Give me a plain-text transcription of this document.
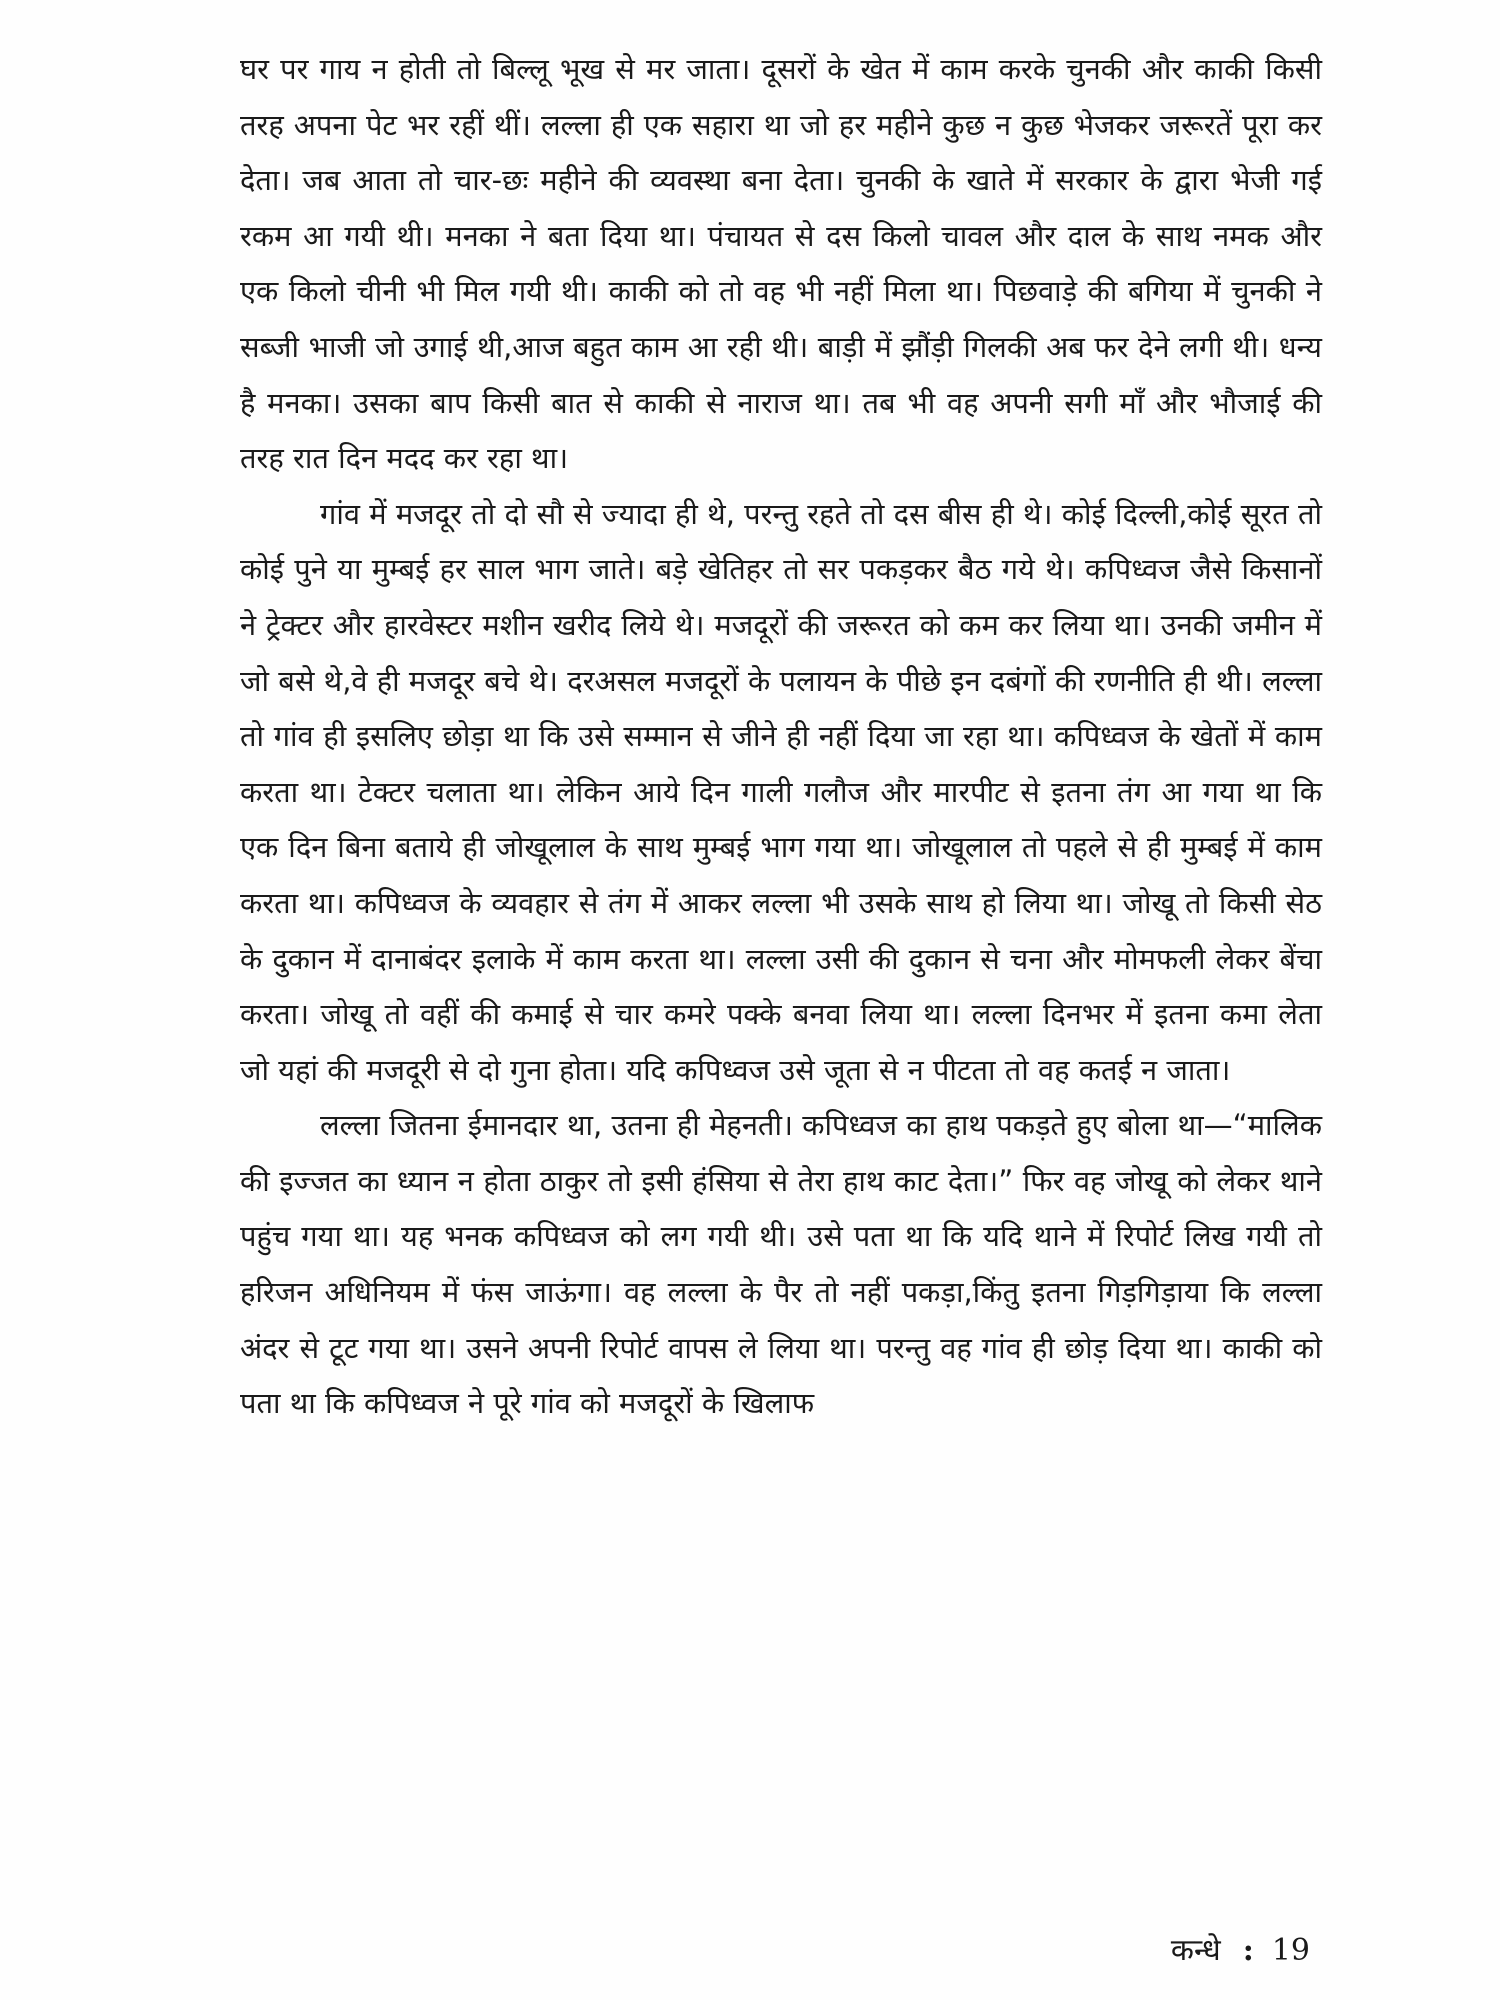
घर पर गाय न होती तो बिल्लू भूख से मर जाता। दूसरों के खेत में काम करके चुनकी और काकी किसी तरह अपना पेट भर रहीं थीं। लल्ला ही एक सहारा था जो हर महीने कुछ न कुछ भेजकर जरूरतें पूरा कर देता। जब आता तो चार-छः महीने की व्यवस्था बना देता। चुनकी के खाते में सरकार के द्वारा भेजी गई रकम आ गयी थी। मनका ने बता दिया था। पंचायत से दस किलो चावल और दाल के साथ नमक और एक किलो चीनी भी मिल गयी थी। काकी को तो वह भी नहीं मिला था। पिछवाड़े की बगिया में चुनकी ने सब्जी भाजी जो उगाई थी,आज बहुत काम आ रही थी। बाड़ी में झौंड़ी गिलकी अब फर देने लगी थी। धन्य है मनका। उसका बाप किसी बात से काकी से नाराज था। तब भी वह अपनी सगी माँ और भौजाई की तरह रात दिन मदद कर रहा था।

गांव में मजदूर तो दो सौ से ज्यादा ही थे, परन्तु रहते तो दस बीस ही थे। कोई दिल्ली,कोई सूरत तो कोई पुने या मुम्बई हर साल भाग जाते। बड़े खेतिहर तो सर पकड़कर बैठ गये थे। कपिध्वज जैसे किसानों ने ट्रेक्टर और हारवेस्टर मशीन खरीद लिये थे। मजदूरों की जरूरत को कम कर लिया था। उनकी जमीन में जो बसे थे,वे ही मजदूर बचे थे। दरअसल मजदूरों के पलायन के पीछे इन दबंगों की रणनीति ही थी। लल्ला तो गांव ही इसलिए छोड़ा था कि उसे सम्मान से जीने ही नहीं दिया जा रहा था। कपिध्वज के खेतों में काम करता था। टेक्टर चलाता था। लेकिन आये दिन गाली गलौज और मारपीट से इतना तंग आ गया था कि एक दिन बिना बताये ही जोखूलाल के साथ मुम्बई भाग गया था। जोखूलाल तो पहले से ही मुम्बई में काम करता था। कपिध्वज के व्यवहार से तंग में आकर लल्ला भी उसके साथ हो लिया था। जोखू तो किसी सेठ के दुकान में दानाबंदर इलाके में काम करता था। लल्ला उसी की दुकान से चना और मोमफली लेकर बेंचा करता। जोखू तो वहीं की कमाई से चार कमरे पक्के बनवा लिया था। लल्ला दिनभर में इतना कमा लेता जो यहां की मजदूरी से दो गुना होता। यदि कपिध्वज उसे जूता से न पीटता तो वह कतई न जाता।

लल्ला जितना ईमानदार था, उतना ही मेहनती। कपिध्वज का हाथ पकड़ते हुए बोला था—“मालिक की इज्जत का ध्यान न होता ठाकुर तो इसी हंसिया से तेरा हाथ काट देता।” फिर वह जोखू को लेकर थाने पहुंच गया था। यह भनक कपिध्वज को लग गयी थी। उसे पता था कि यदि थाने में रिपोर्ट लिख गयी तो हरिजन अधिनियम में फंस जाऊंगा। वह लल्ला के पैर तो नहीं पकड़ा,किंतु इतना गिड़गिड़ाया कि लल्ला अंदर से टूट गया था। उसने अपनी रिपोर्ट वापस ले लिया था। परन्तु वह गांव ही छोड़ दिया था। काकी को पता था कि कपिध्वज ने पूरे गांव को मजदूरों के खिलाफ

कन्धे : 19
